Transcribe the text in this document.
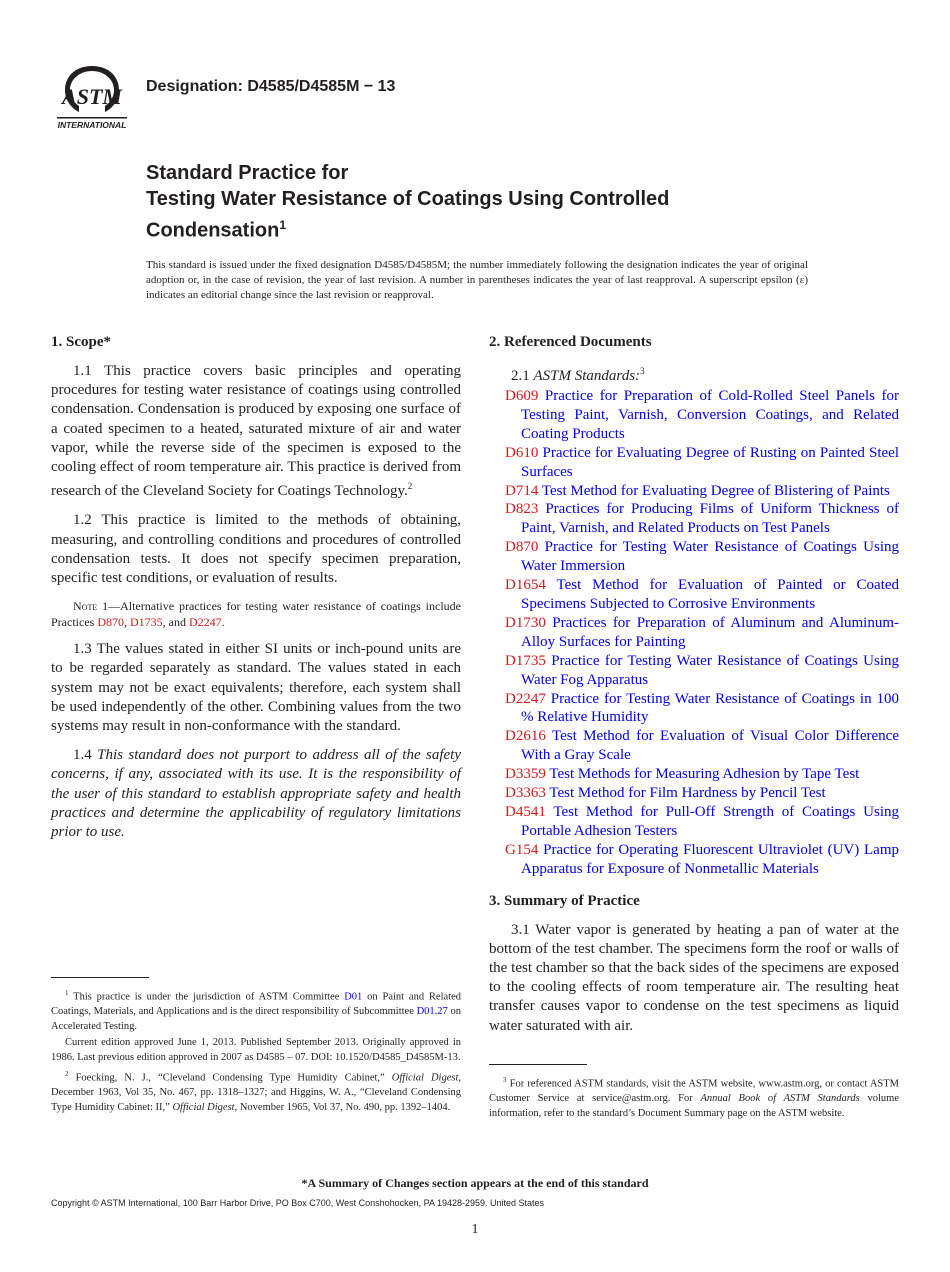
ASTM
INTERNATIONAL
Designation: D4585/D4585M − 13
Standard Practice for
Testing Water Resistance of Coatings Using Controlled
Condensation$^1$
This standard is issued under the fixed designation D4585/D4585M; the number immediately following the designation indicates the year of original adoption or, in the case of revision, the year of last revision. A number in parentheses indicates the year of last reapproval. A superscript epsilon (ε) indicates an editorial change since the last revision or reapproval.
1. Scope*

1.1 This practice covers basic principles and operating procedures for testing water resistance of coatings using controlled condensation. Condensation is produced by exposing one surface of a coated specimen to a heated, saturated mixture of air and water vapor, while the reverse side of the specimen is exposed to the cooling effect of room temperature air. This practice is derived from research of the Cleveland Society for Coatings Technology.$^2$

1.2 This practice is limited to the methods of obtaining, measuring, and controlling conditions and procedures of controlled condensation tests. It does not specify specimen preparation, specific test conditions, or evaluation of results.

Note 1—Alternative practices for testing water resistance of coatings include Practices D870, D1735, and D2247.

1.3 The values stated in either SI units or inch-pound units are to be regarded separately as standard. The values stated in each system may not be exact equivalents; therefore, each system shall be used independently of the other. Combining values from the two systems may result in non-conformance with the standard.

1.4 This standard does not purport to address all of the safety concerns, if any, associated with its use. It is the responsibility of the user of this standard to establish appropriate safety and health practices and determine the applicability of regulatory limitations prior to use.

2. Referenced Documents
2.1 ASTM Standards:$^3$
D609 Practice for Preparation of Cold-Rolled Steel Panels for Testing Paint, Varnish, Conversion Coatings, and Related Coating Products
D610 Practice for Evaluating Degree of Rusting on Painted Steel Surfaces
D714 Test Method for Evaluating Degree of Blistering of Paints
D823 Practices for Producing Films of Uniform Thickness of Paint, Varnish, and Related Products on Test Panels
D870 Practice for Testing Water Resistance of Coatings Using Water Immersion
D1654 Test Method for Evaluation of Painted or Coated Specimens Subjected to Corrosive Environments
D1730 Practices for Preparation of Aluminum and Aluminum-Alloy Surfaces for Painting
D1735 Practice for Testing Water Resistance of Coatings Using Water Fog Apparatus
D2247 Practice for Testing Water Resistance of Coatings in 100 % Relative Humidity
D2616 Test Method for Evaluation of Visual Color Difference With a Gray Scale
D3359 Test Methods for Measuring Adhesion by Tape Test
D3363 Test Method for Film Hardness by Pencil Test
D4541 Test Method for Pull-Off Strength of Coatings Using Portable Adhesion Testers
G154 Practice for Operating Fluorescent Ultraviolet (UV) Lamp Apparatus for Exposure of Nonmetallic Materials
3. Summary of Practice

3.1 Water vapor is generated by heating a pan of water at the bottom of the test chamber. The specimens form the roof or walls of the test chamber so that the back sides of the specimens are exposed to the cooling effects of room temperature air. The resulting heat transfer causes vapor to condense on the test specimens as liquid water saturated with air.

$^1$ This practice is under the jurisdiction of ASTM Committee D01 on Paint and Related Coatings, Materials, and Applications and is the direct responsibility of Subcommittee D01.27 on Accelerated Testing.

Current edition approved June 1, 2013. Published September 2013. Originally approved in 1986. Last previous edition approved in 2007 as D4585 – 07. DOI: 10.1520/D4585_D4585M-13.

$^2$ Foecking, N. J., “Cleveland Condensing Type Humidity Cabinet,” Official Digest, December 1963, Vol 35, No. 467, pp. 1318–1327; and Higgins, W. A., “Cleveland Condensing Type Humidity Cabinet: II,” Official Digest, November 1965, Vol 37, No. 490, pp. 1392–1404.

$^3$ For referenced ASTM standards, visit the ASTM website, www.astm.org, or contact ASTM Customer Service at service@astm.org. For Annual Book of ASTM Standards volume information, refer to the standard’s Document Summary page on the ASTM website.

*A Summary of Changes section appears at the end of this standard
Copyright © ASTM International, 100 Barr Harbor Drive, PO Box C700, West Conshohocken, PA 19428-2959. United States
1
